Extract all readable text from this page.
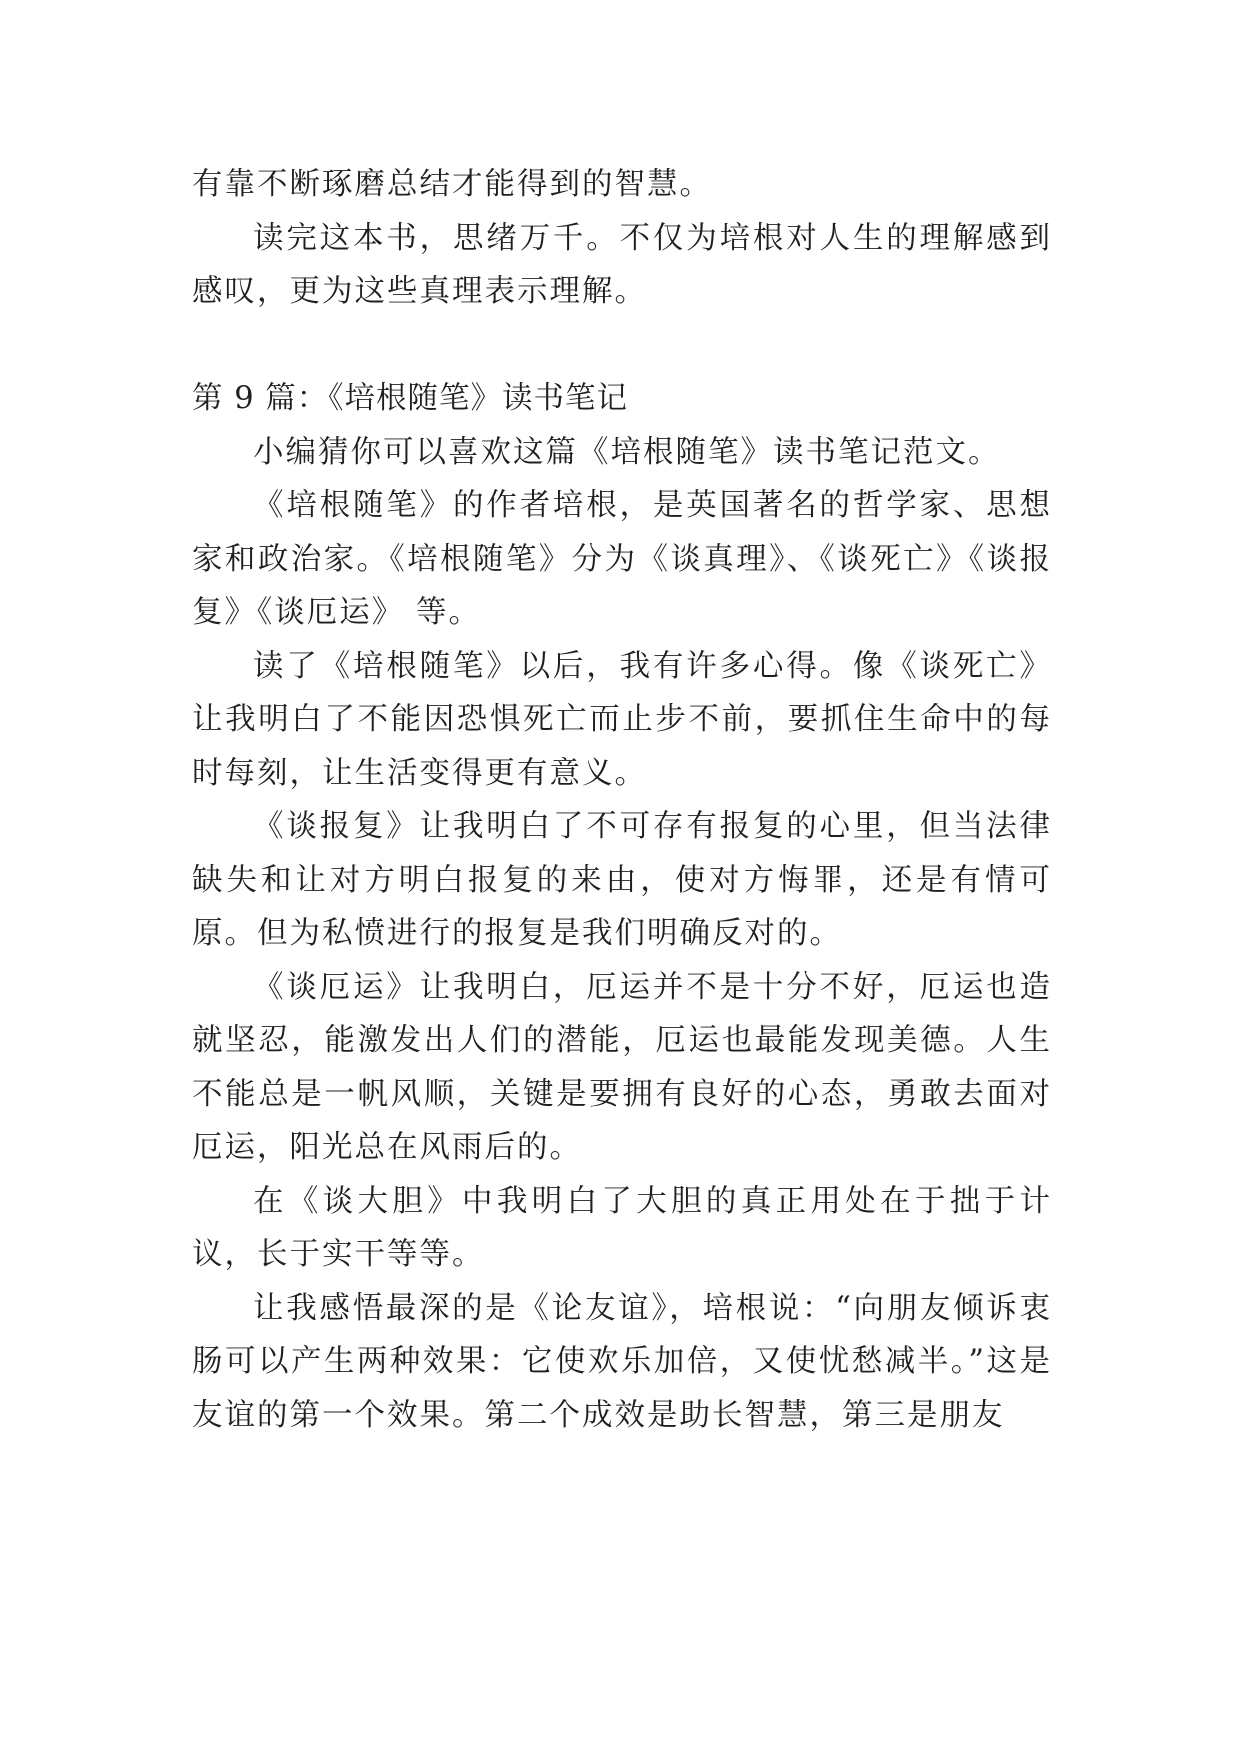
有靠不断琢磨总结才能得到的智慧。

读完这本书，思绪万千。不仅为培根对人生的理解感到感叹，更为这些真理表示理解。

第 9 篇：《培根随笔》读书笔记

小编猜你可以喜欢这篇《培根随笔》读书笔记范文。

《培根随笔》的作者培根，是英国著名的哲学家、思想家和政治家。《培根随笔》分为《谈真理》、《谈死亡》《谈报复》《谈厄运》 等。

读了《培根随笔》以后，我有许多心得。像《谈死亡》让我明白了不能因恐惧死亡而止步不前，要抓住生命中的每时每刻，让生活变得更有意义。

《谈报复》让我明白了不可存有报复的心里，但当法律缺失和让对方明白报复的来由，使对方悔罪，还是有情可原。但为私愤进行的报复是我们明确反对的。

《谈厄运》让我明白，厄运并不是十分不好，厄运也造就坚忍，能激发出人们的潜能，厄运也最能发现美德。人生不能总是一帆风顺，关键是要拥有良好的心态，勇敢去面对厄运，阳光总在风雨后的。

在《谈大胆》中我明白了大胆的真正用处在于拙于计议，长于实干等等。

让我感悟最深的是《论友谊》，培根说：“向朋友倾诉衷肠可以产生两种效果：它使欢乐加倍，又使忧愁减半。”这是友谊的第一个效果。第二个成效是助长智慧，第三是朋友
